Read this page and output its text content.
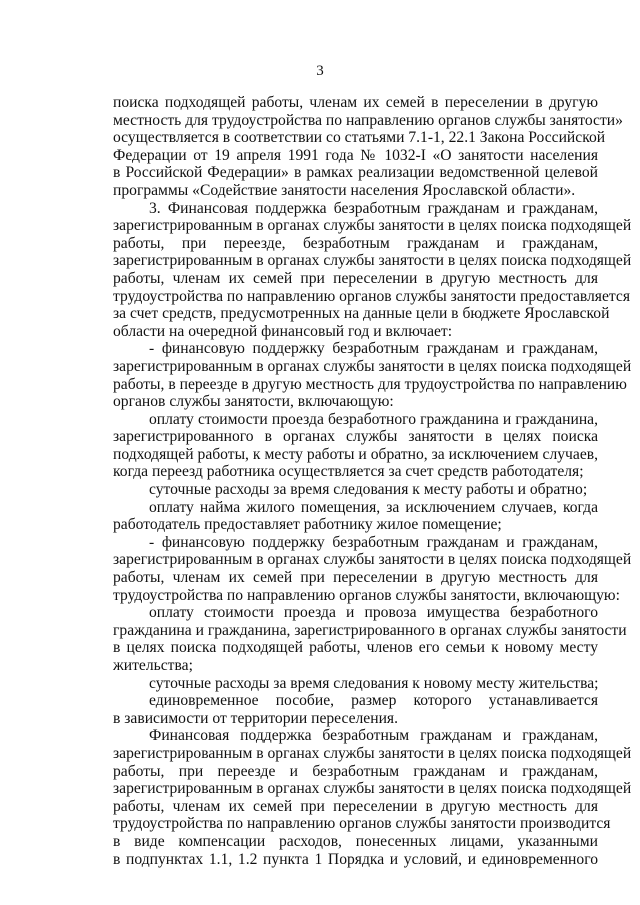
3
поиска подходящей работы, членам их семей в переселении в другую
местность для трудоустройства по направлению органов службы занятости»
осуществляется в соответствии со статьями 7.1-1, 22.1 Закона Российской
Федерации от 19 апреля 1991 года № 1032-I «О занятости населения
в Российской Федерации» в рамках реализации ведомственной целевой
программы «Содействие занятости населения Ярославской области».
3. Финансовая поддержка безработным гражданам и гражданам,
зарегистрированным в органах службы занятости в целях поиска подходящей
работы, при переезде, безработным гражданам и гражданам,
зарегистрированным в органах службы занятости в целях поиска подходящей
работы, членам их семей при переселении в другую местность для
трудоустройства по направлению органов службы занятости предоставляется
за счет средств, предусмотренных на данные цели в бюджете Ярославской
области на очередной финансовый год и включает:
- финансовую поддержку безработным гражданам и гражданам,
зарегистрированным в органах службы занятости в целях поиска подходящей
работы, в переезде в другую местность для трудоустройства по направлению
органов службы занятости, включающую:
оплату стоимости проезда безработного гражданина и гражданина,
зарегистрированного в органах службы занятости в целях поиска
подходящей работы, к месту работы и обратно, за исключением случаев,
когда переезд работника осуществляется за счет средств работодателя;
суточные расходы за время следования к месту работы и обратно;
оплату найма жилого помещения, за исключением случаев, когда
работодатель предоставляет работнику жилое помещение;
- финансовую поддержку безработным гражданам и гражданам,
зарегистрированным в органах службы занятости в целях поиска подходящей
работы, членам их семей при переселении в другую местность для
трудоустройства по направлению органов службы занятости, включающую:
оплату стоимости проезда и провоза имущества безработного
гражданина и гражданина, зарегистрированного в органах службы занятости
в целях поиска подходящей работы, членов его семьи к новому месту
жительства;
суточные расходы за время следования к новому месту жительства;
единовременное пособие, размер которого устанавливается
в зависимости от территории переселения.
Финансовая поддержка безработным гражданам и гражданам,
зарегистрированным в органах службы занятости в целях поиска подходящей
работы, при переезде и безработным гражданам и гражданам,
зарегистрированным в органах службы занятости в целях поиска подходящей
работы, членам их семей при переселении в другую местность для
трудоустройства по направлению органов службы занятости производится
в виде компенсации расходов, понесенных лицами, указанными
в подпунктах 1.1, 1.2 пункта 1 Порядка и условий, и единовременного
